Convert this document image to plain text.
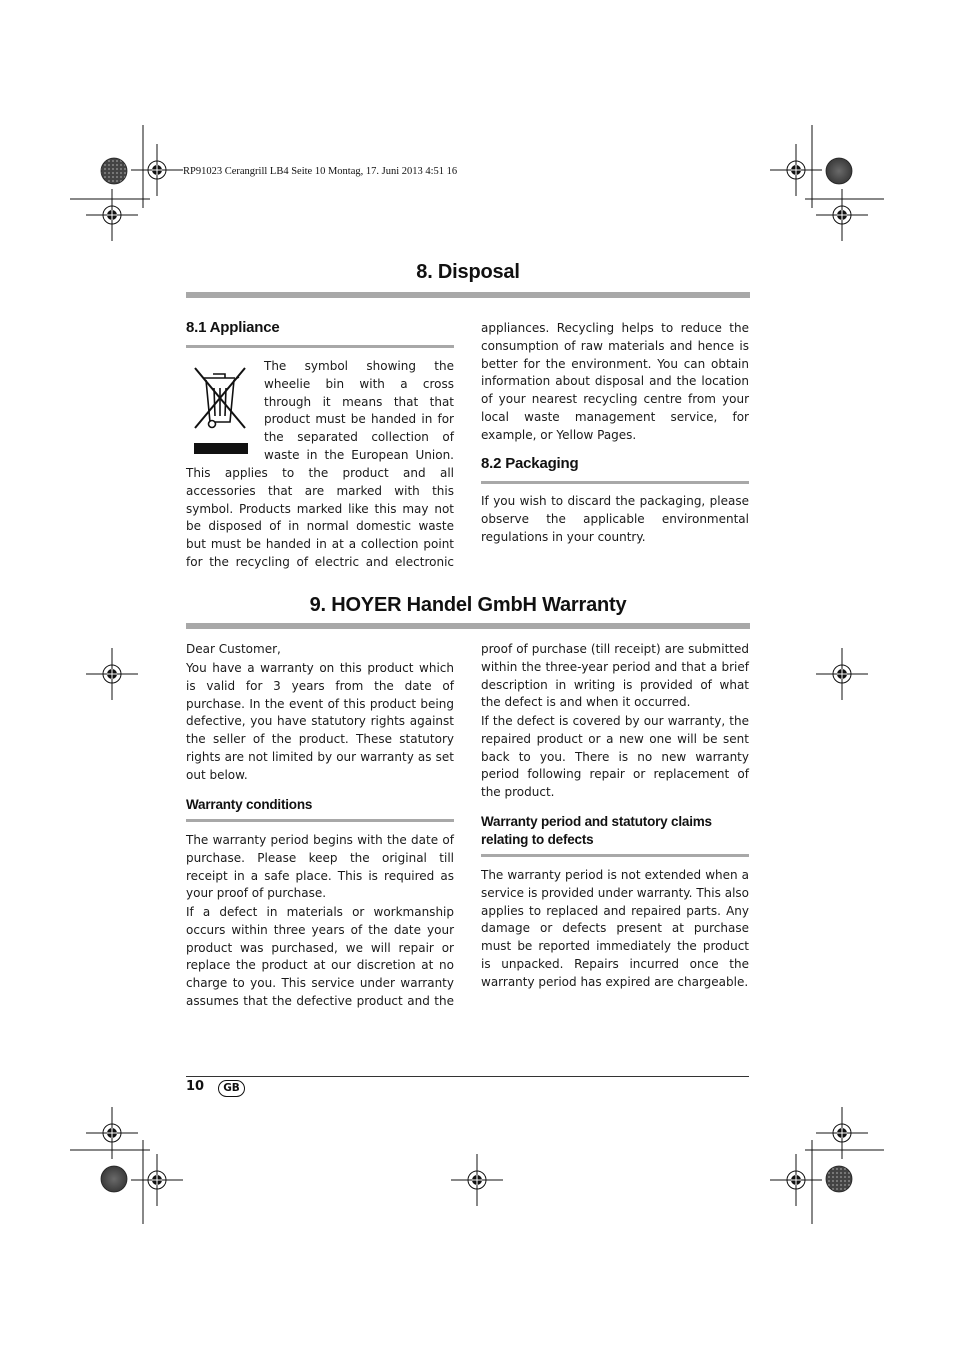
RP91023 Cerangrill LB4 Seite 10 Montag, 17. Juni 2013 4:51 16
8. Disposal
8.1 Appliance

The symbol showing the

wheelie bin with a cross

through it means that that

product must be handed in for

the separated collection of

waste in the European Union.

This applies to the product and all accessories that are marked with this symbol. Products marked like this may not be disposed of in normal domestic waste but must be handed in at a collection point for the recycling of electric and electronic
appliances. Recycling helps to reduce the consumption of raw materials and hence is better for the environment. You can obtain information about disposal and the location of your nearest recycling centre from your local waste management service, for example, or Yellow Pages.
8.2 Packaging
If you wish to discard the packaging, please observe the applicable environmental regulations in your country.
9. HOYER Handel GmbH Warranty
Dear Customer,
You have a warranty on this product which is valid for 3 years from the date of purchase. In the event of this product being defective, you have statutory rights against the seller of the product. These statutory rights are not limited by our warranty as set out below.
Warranty conditions
The warranty period begins with the date of purchase. Please keep the original till receipt in a safe place. This is required as your proof of purchase.
If a defect in materials or workmanship occurs within three years of the date your product was purchased, we will repair or replace the product at our discretion at no charge to you. This service under warranty assumes that the defective product and the
proof of purchase (till receipt) are submitted within the three-year period and that a brief description in writing is provided of what the defect is and when it occurred.
If the defect is covered by our warranty, the repaired product or a new one will be sent back to you. There is no new warranty period following repair or replacement of the product.
Warranty period and statutory claims
relating to defects
The warranty period is not extended when a service is provided under warranty. This also applies to replaced and repaired parts. Any damage or defects present at purchase must be reported immediately the product is unpacked. Repairs incurred once the warranty period has expired are chargeable.
10	GB
